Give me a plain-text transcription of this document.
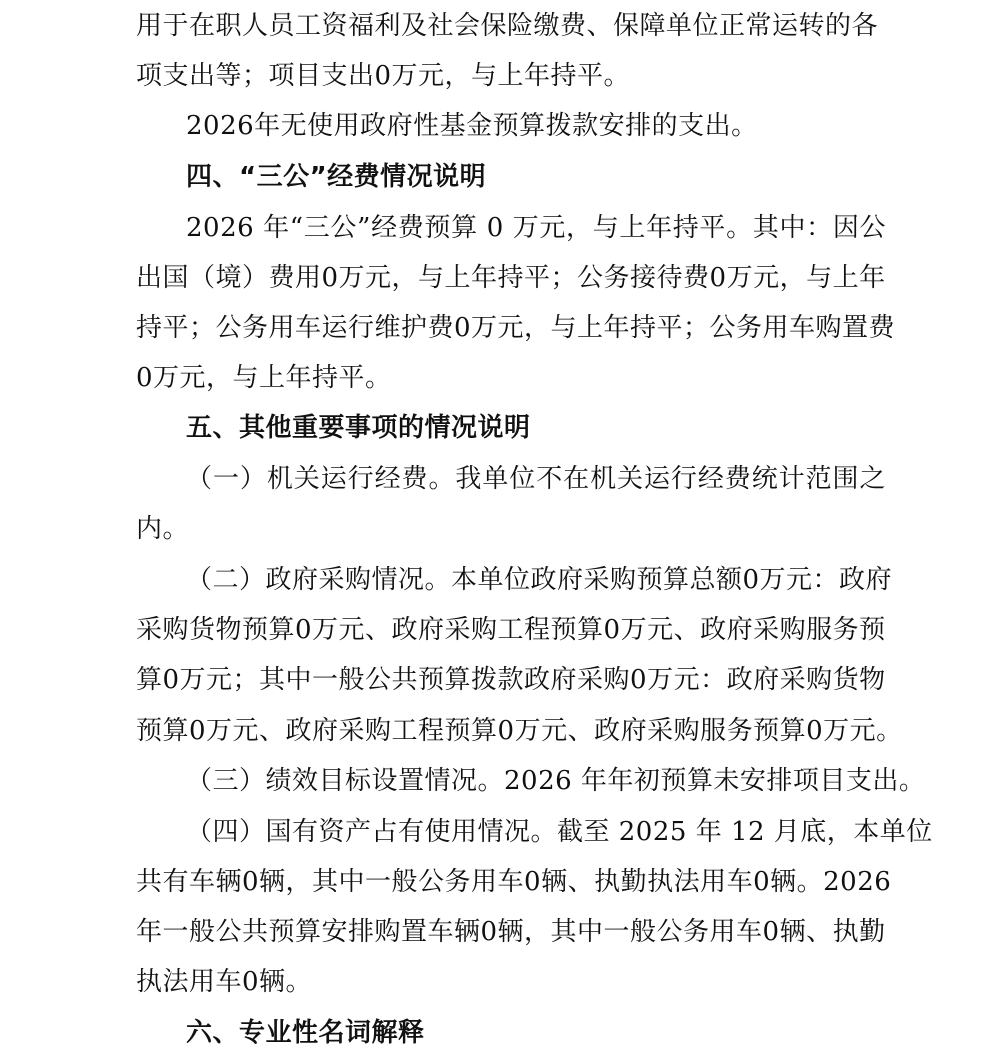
用于在职人员工资福利及社会保险缴费、保障单位正常运转的各
项支出等；项目支出0万元，与上年持平。
2026年无使用政府性基金预算拨款安排的支出。
四、“三公”经费情况说明
2026 年“三公”经费预算 0 万元，与上年持平。其中：因公
出国（境）费用0万元，与上年持平；公务接待费0万元，与上年
持平；公务用车运行维护费0万元，与上年持平；公务用车购置费
0万元，与上年持平。
五、其他重要事项的情况说明
（一）机关运行经费。我单位不在机关运行经费统计范围之
内。
（二）政府采购情况。本单位政府采购预算总额0万元：政府
采购货物预算0万元、政府采购工程预算0万元、政府采购服务预
算0万元；其中一般公共预算拨款政府采购0万元：政府采购货物
预算0万元、政府采购工程预算0万元、政府采购服务预算0万元。
（三）绩效目标设置情况。2026 年年初预算未安排项目支出。
（四）国有资产占有使用情况。截至 2025 年 12 月底，本单位
共有车辆0辆，其中一般公务用车0辆、执勤执法用车0辆。2026
年一般公共预算安排购置车辆0辆，其中一般公务用车0辆、执勤
执法用车0辆。
六、专业性名词解释
